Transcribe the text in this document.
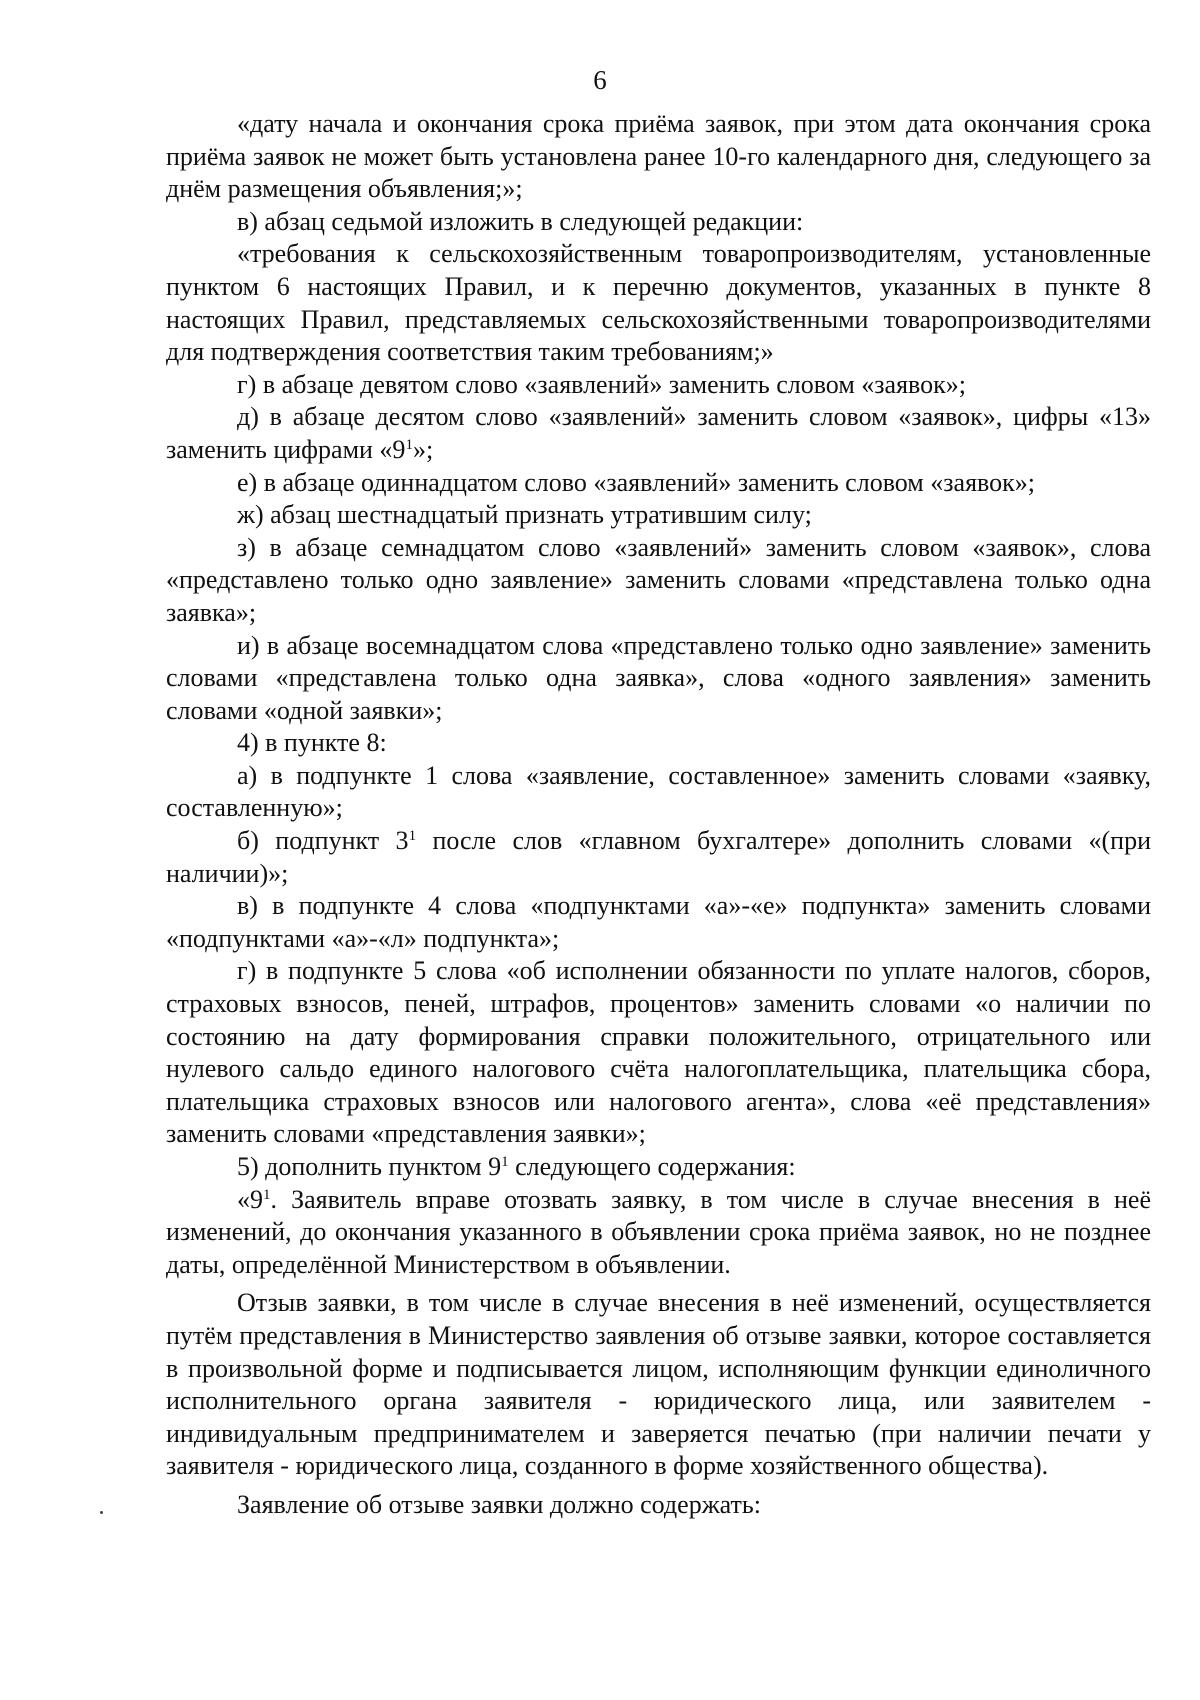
6

«дату начала и окончания срока приёма заявок, при этом дата окончания срока приёма заявок не может быть установлена ранее 10-го календарного дня, следующего за днём размещения объявления;»;

в) абзац седьмой изложить в следующей редакции:

«требования к сельскохозяйственным товаропроизводителям, установленные пунктом 6 настоящих Правил, и к перечню документов, указанных в пункте 8 настоящих Правил, представляемых сельскохозяйственными товаропроизводителями для подтверждения соответствия таким требованиям;»

г) в абзаце девятом слово «заявлений» заменить словом «заявок»;

д) в абзаце десятом слово «заявлений» заменить словом «заявок», цифры «13» заменить цифрами «$9^1$»;

е) в абзаце одиннадцатом слово «заявлений» заменить словом «заявок»;

ж) абзац шестнадцатый признать утратившим силу;

з) в абзаце семнадцатом слово «заявлений» заменить словом «заявок», слова «представлено только одно заявление» заменить словами «представлена только одна заявка»;

и) в абзаце восемнадцатом слова «представлено только одно заявление» заменить словами «представлена только одна заявка», слова «одного заявления» заменить словами «одной заявки»;

4) в пункте 8:

а) в подпункте 1 слова «заявление, составленное» заменить словами «заявку, составленную»;

б) подпункт $3^1$ после слов «главном бухгалтере» дополнить словами «(при наличии)»;

в) в подпункте 4 слова «подпунктами «а»-«е» подпункта» заменить словами «подпунктами «а»-«л» подпункта»;

г) в подпункте 5 слова «об исполнении обязанности по уплате налогов, сборов, страховых взносов, пеней, штрафов, процентов» заменить словами «о наличии по состоянию на дату формирования справки положительного, отрицательного или нулевого сальдо единого налогового счёта налогоплательщика, плательщика сбора, плательщика страховых взносов или налогового агента», слова «её представления» заменить словами «представления заявки»;

5) дополнить пунктом $9^1$ следующего содержания:

«$9^1$. Заявитель вправе отозвать заявку, в том числе в случае внесения в неё изменений, до окончания указанного в объявлении срока приёма заявок, но не позднее даты, определённой Министерством в объявлении.

Отзыв заявки, в том числе в случае внесения в неё изменений, осуществляется путём представления в Министерство заявления об отзыве заявки, которое составляется в произвольной форме и подписывается лицом, исполняющим функции единоличного исполнительного органа заявителя - юридического лица, или заявителем - индивидуальным предпринимателем и заверяется печатью (при наличии печати у заявителя - юридического лица, созданного в форме хозяйственного общества).

Заявление об отзыве заявки должно содержать:
